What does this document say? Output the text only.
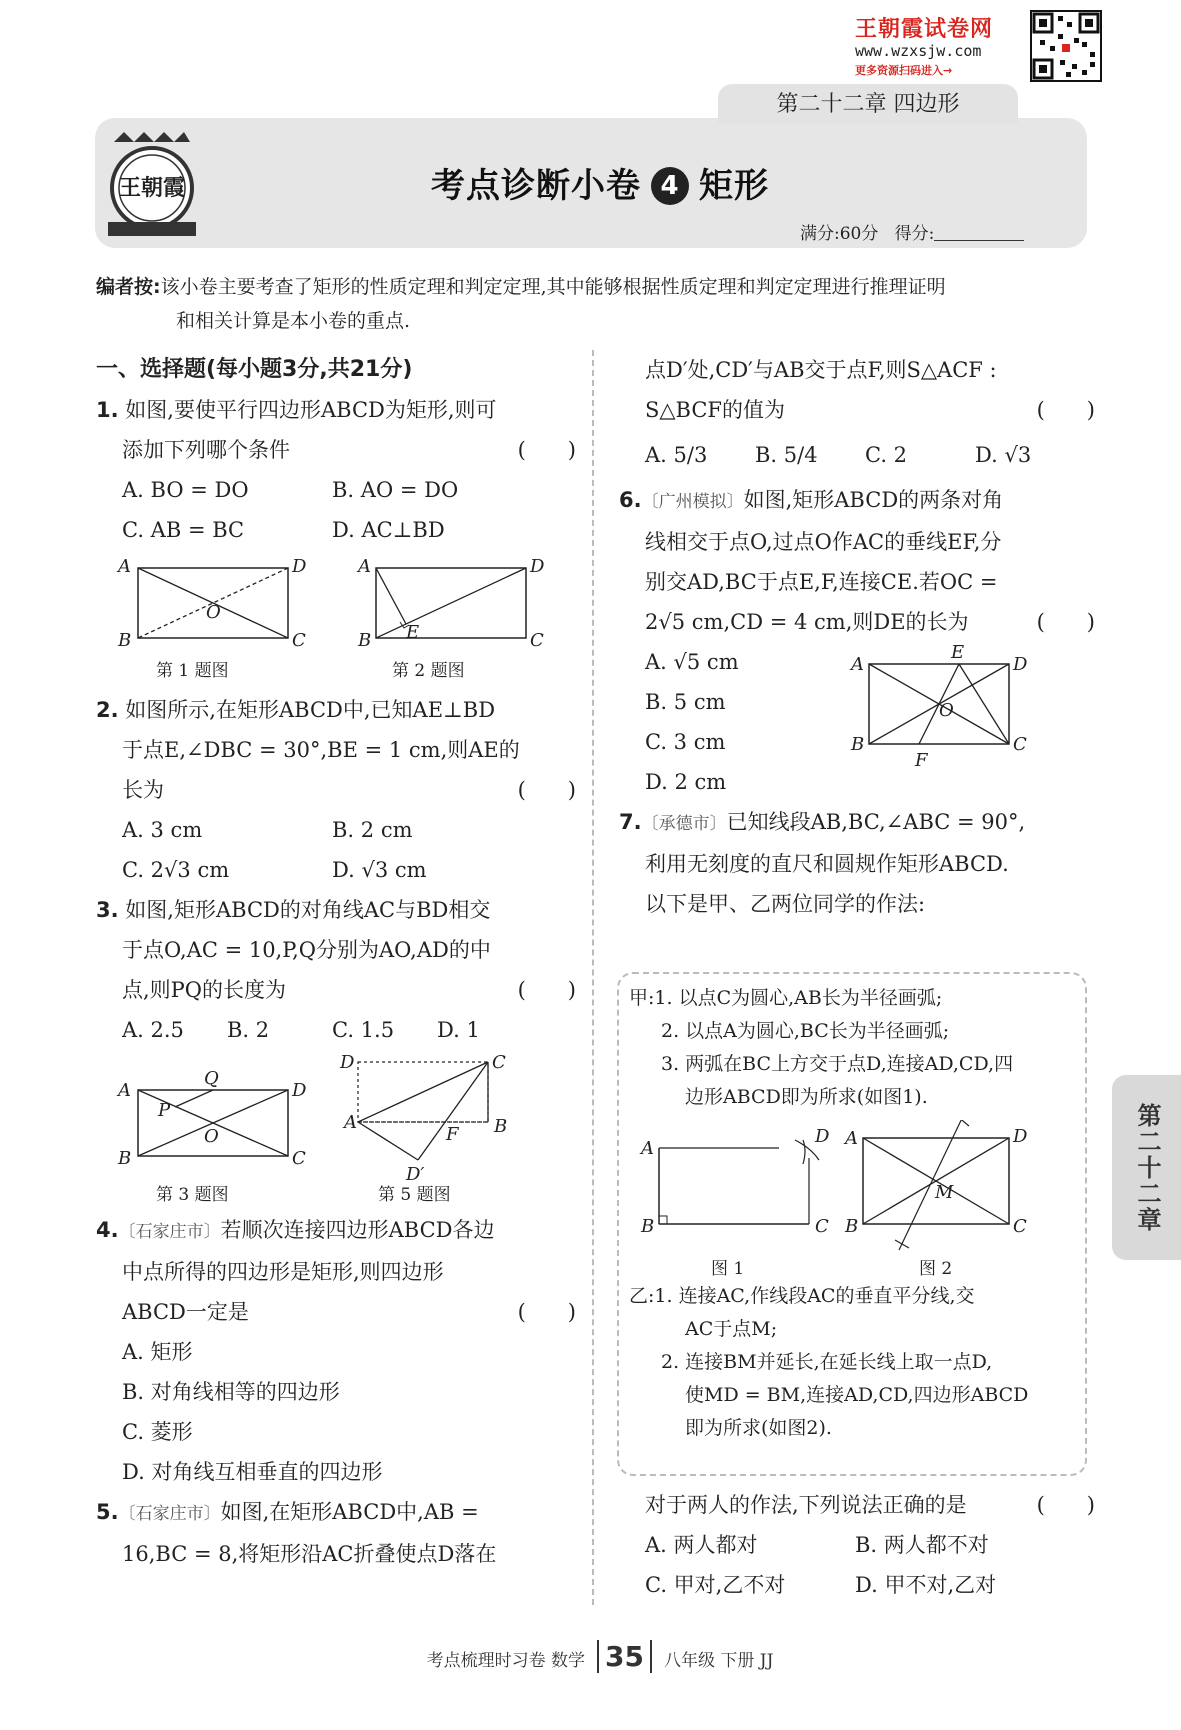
王朝霞试卷网
www.wzxsjw.com
更多资源扫码进入→
第二十二章 四边形
王朝霞	考点诊断小卷 4 矩形
满分:60分 得分:
编者按:该小卷主要考查了矩形的性质定理和判定定理,其中能够根据性质定理和判定定理进行推理证明
和相关计算是本小卷的重点.
一、选择题(每小题3分,共21分)
1. 如图,要使平行四边形ABCD为矩形,则可
添加下列哪个条件	(  )
A. BO = DO	B. AO = DO
C. AB = BC	D. AC⊥BD
A	D
B	C
O
第 1 题图
A	D
B	C
E
第 2 题图
2. 如图所示,在矩形ABCD中,已知AE⊥BD
于点E,∠DBC = 30°,BE = 1 cm,则AE的
长为	(  )
A. 3 cm	B. 2 cm
C. 2√3 cm	D. √3 cm
3. 如图,矩形ABCD的对角线AC与BD相交
于点O,AC = 10,P,Q分别为AO,AD的中
点,则PQ的长度为	(  )
A. 2.5 B. 2	C. 1.5 D. 1
A	D
B	C
Q
P
O
第 3 题图
D	C
A	B
F
D′
第 5 题图
4.〔石家庄市〕若顺次连接四边形ABCD各边
中点所得的四边形是矩形,则四边形
ABCD一定是	(  )
A. 矩形
B. 对角线相等的四边形
C. 菱形
D. 对角线互相垂直的四边形
5.〔石家庄市〕如图,在矩形ABCD中,AB =
16,BC = 8,将矩形沿AC折叠使点D落在
点D′处,CD′与AB交于点F,则S△ACF :
S△BCF的值为	(  )
A. 5/3 B. 5/4 C. 2	D. √3
6.〔广州模拟〕如图,矩形ABCD的两条对角
线相交于点O,过点O作AC的垂线EF,分
别交AD,BC于点E,F,连接CE.若OC =
2√5 cm,CD = 4 cm,则DE的长为	(  )
A. √5 cm
B. 5 cm
C. 3 cm
D. 2 cm
A	D
B	C
E
F
O
7.〔承德市〕已知线段AB,BC,∠ABC = 90°,
利用无刻度的直尺和圆规作矩形ABCD.
以下是甲、乙两位同学的作法:
甲:1. 以点C为圆心,AB长为半径画弧;
2. 以点A为圆心,BC长为半径画弧;
3. 两弧在BC上方交于点D,连接AD,CD,四
边形ABCD即为所求(如图1).
A
D
B	C
图 1
A	D
B	C
M
图 2
乙:1. 连接AC,作线段AC的垂直平分线,交
AC于点M;
2. 连接BM并延长,在延长线上取一点D,
使MD = BM,连接AD,CD,四边形ABCD
即为所求(如图2).
对于两人的作法,下列说法正确的是	(  )
A. 两人都对	B. 两人都不对
C. 甲对,乙不对	D. 甲不对,乙对
第二十二章
考点梳理时习卷 数学 35 八年级 下册 JJ
